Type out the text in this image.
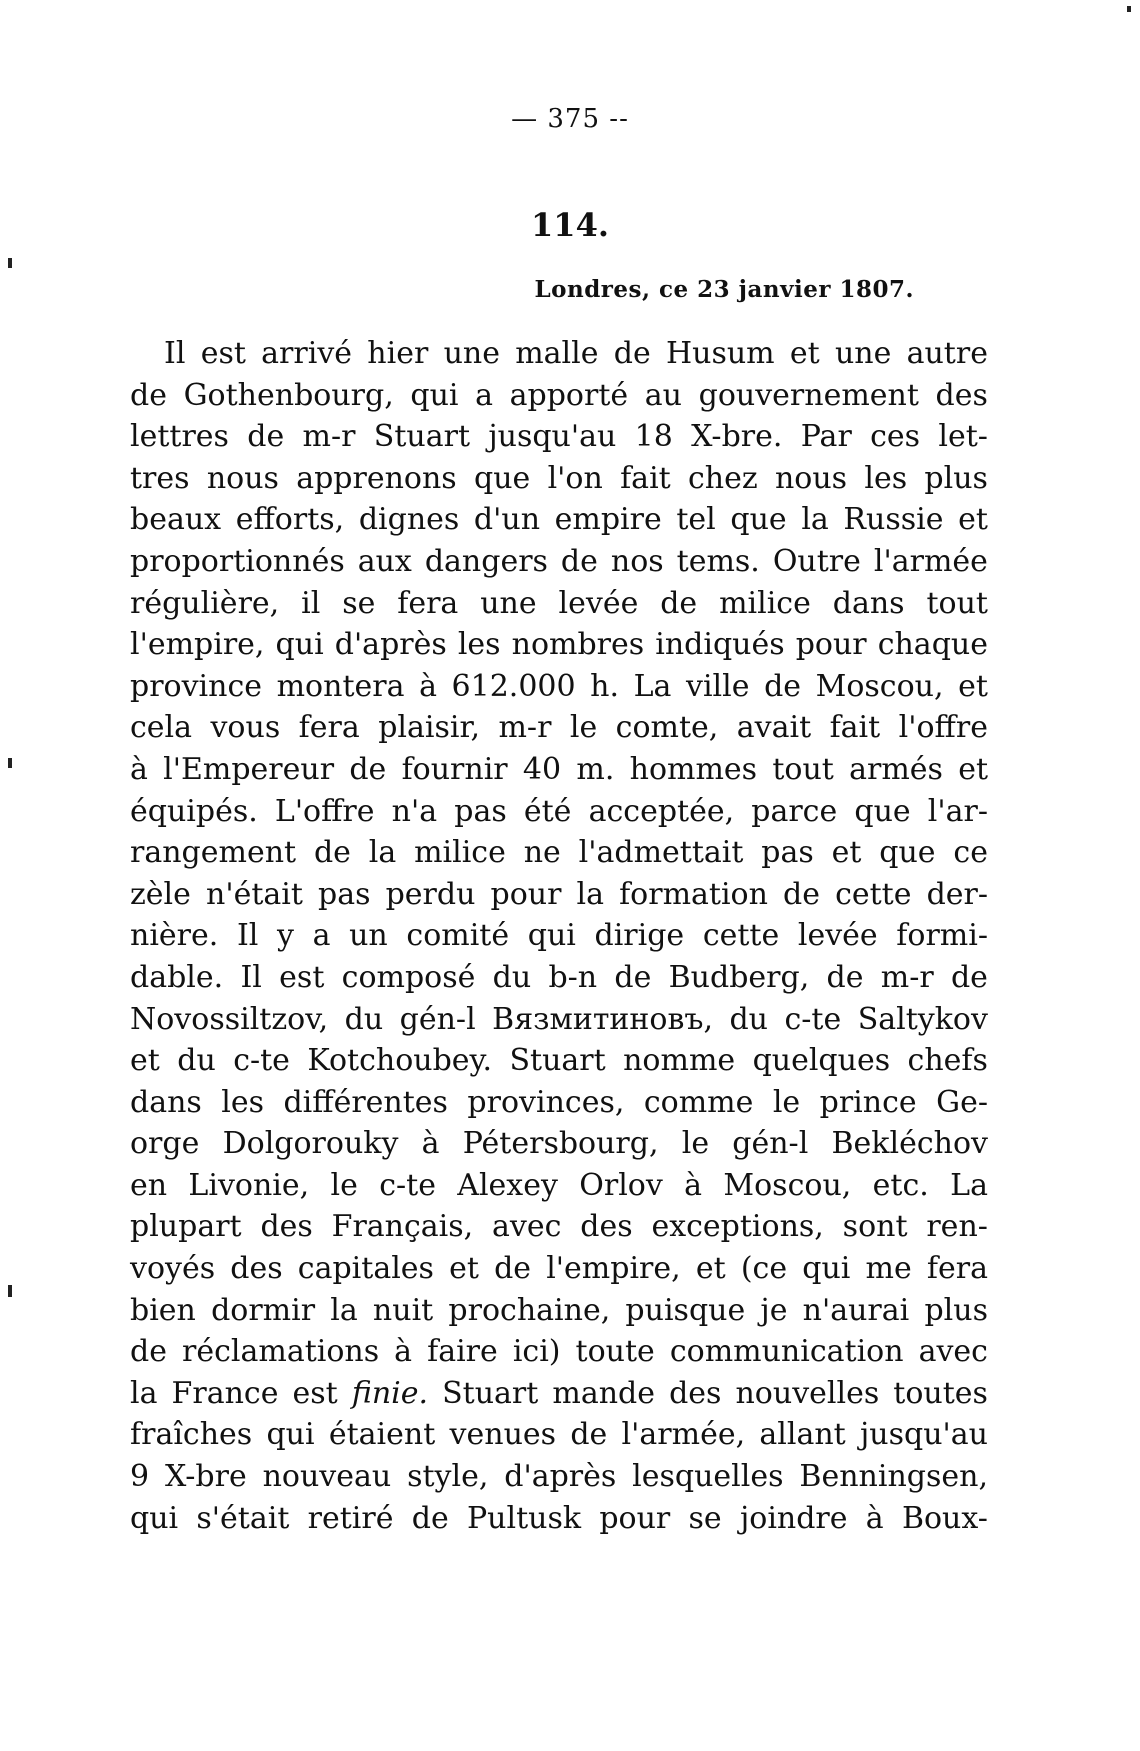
— 375 --
114.
Londres, ce 23 janvier 1807.
Il est arrivé hier une malle de Husum et une autre
de Gothenbourg, qui a apporté au gouvernement des
lettres de m-r Stuart jusqu'au 18 X-bre. Par ces let-
tres nous apprenons que l'on fait chez nous les plus
beaux efforts, dignes d'un empire tel que la Russie et
proportionnés aux dangers de nos tems. Outre l'armée
régulière, il se fera une levée de milice dans tout
l'empire, qui d'après les nombres indiqués pour chaque
province montera à 612.000 h. La ville de Moscou, et
cela vous fera plaisir, m-r le comte, avait fait l'offre
à l'Empereur de fournir 40 m. hommes tout armés et
équipés. L'offre n'a pas été acceptée, parce que l'ar-
rangement de la milice ne l'admettait pas et que ce
zèle n'était pas perdu pour la formation de cette der-
nière. Il y a un comité qui dirige cette levée formi-
dable. Il est composé du b-n de Budberg, de m-r de
Novossiltzov, du gén-l Вязмитиновъ, du c-te Saltykov
et du c-te Kotchoubey. Stuart nomme quelques chefs
dans les différentes provinces, comme le prince Ge-
orge Dolgorouky à Pétersbourg, le gén-l Bekléchov
en Livonie, le c-te Alexey Orlov à Moscou, etc. La
plupart des Français, avec des exceptions, sont ren-
voyés des capitales et de l'empire, et (ce qui me fera
bien dormir la nuit prochaine, puisque je n'aurai plus
de réclamations à faire ici) toute communication avec
la France est finie. Stuart mande des nouvelles toutes
fraîches qui étaient venues de l'armée, allant jusqu'au
9 X-bre nouveau style, d'après lesquelles Benningsen,
qui s'était retiré de Pultusk pour se joindre à Boux-
